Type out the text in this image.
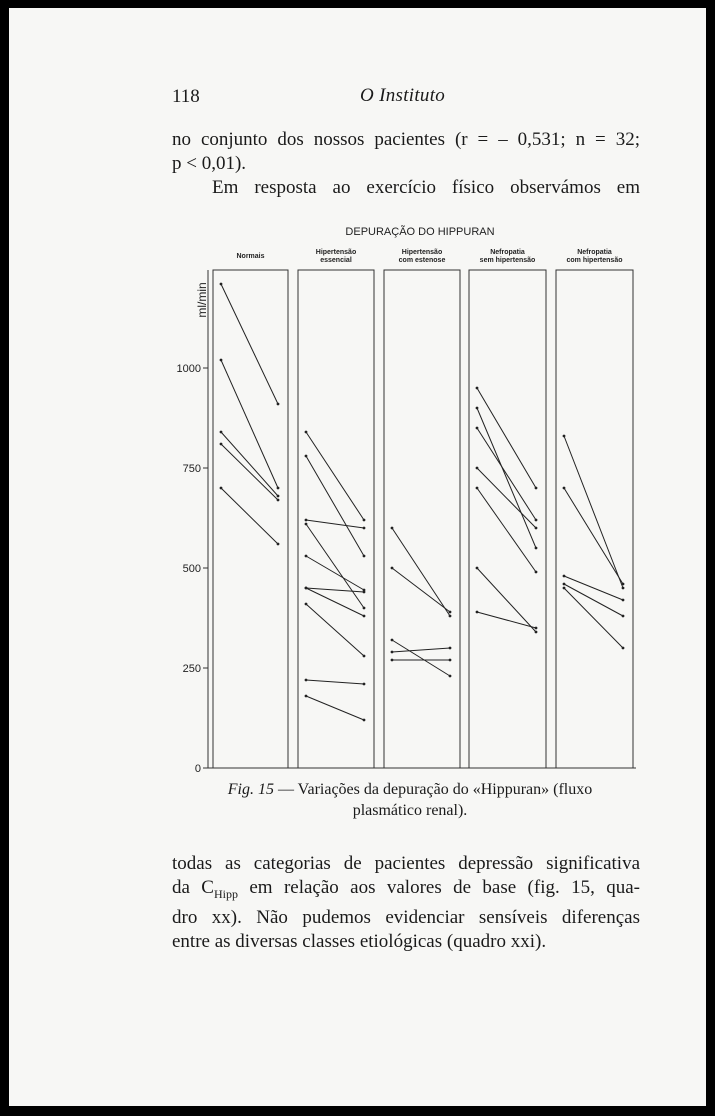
118	O Instituto
no conjunto dos nossos pacientes (r = – 0,531; n = 32;
p < 0,01).
Em resposta ao exercício físico observámos em
DEPURAÇÃO DO HIPPURAN
0
250
500
750
1000
ml/min
Normais
Hipertensão
essencial
Hipertensão
com estenose
Nefropatia
sem hipertensão
Nefropatia
com hipertensão
Fig. 15 — Variações da depuração do «Hippuran» (fluxo
plasmático renal).
todas as categorias de pacientes depressão significativa
da $C_{Hipp}$ em relação aos valores de base (fig. 15, qua-
dro xx). Não pudemos evidenciar sensíveis diferenças
entre as diversas classes etiológicas (quadro xxi).
